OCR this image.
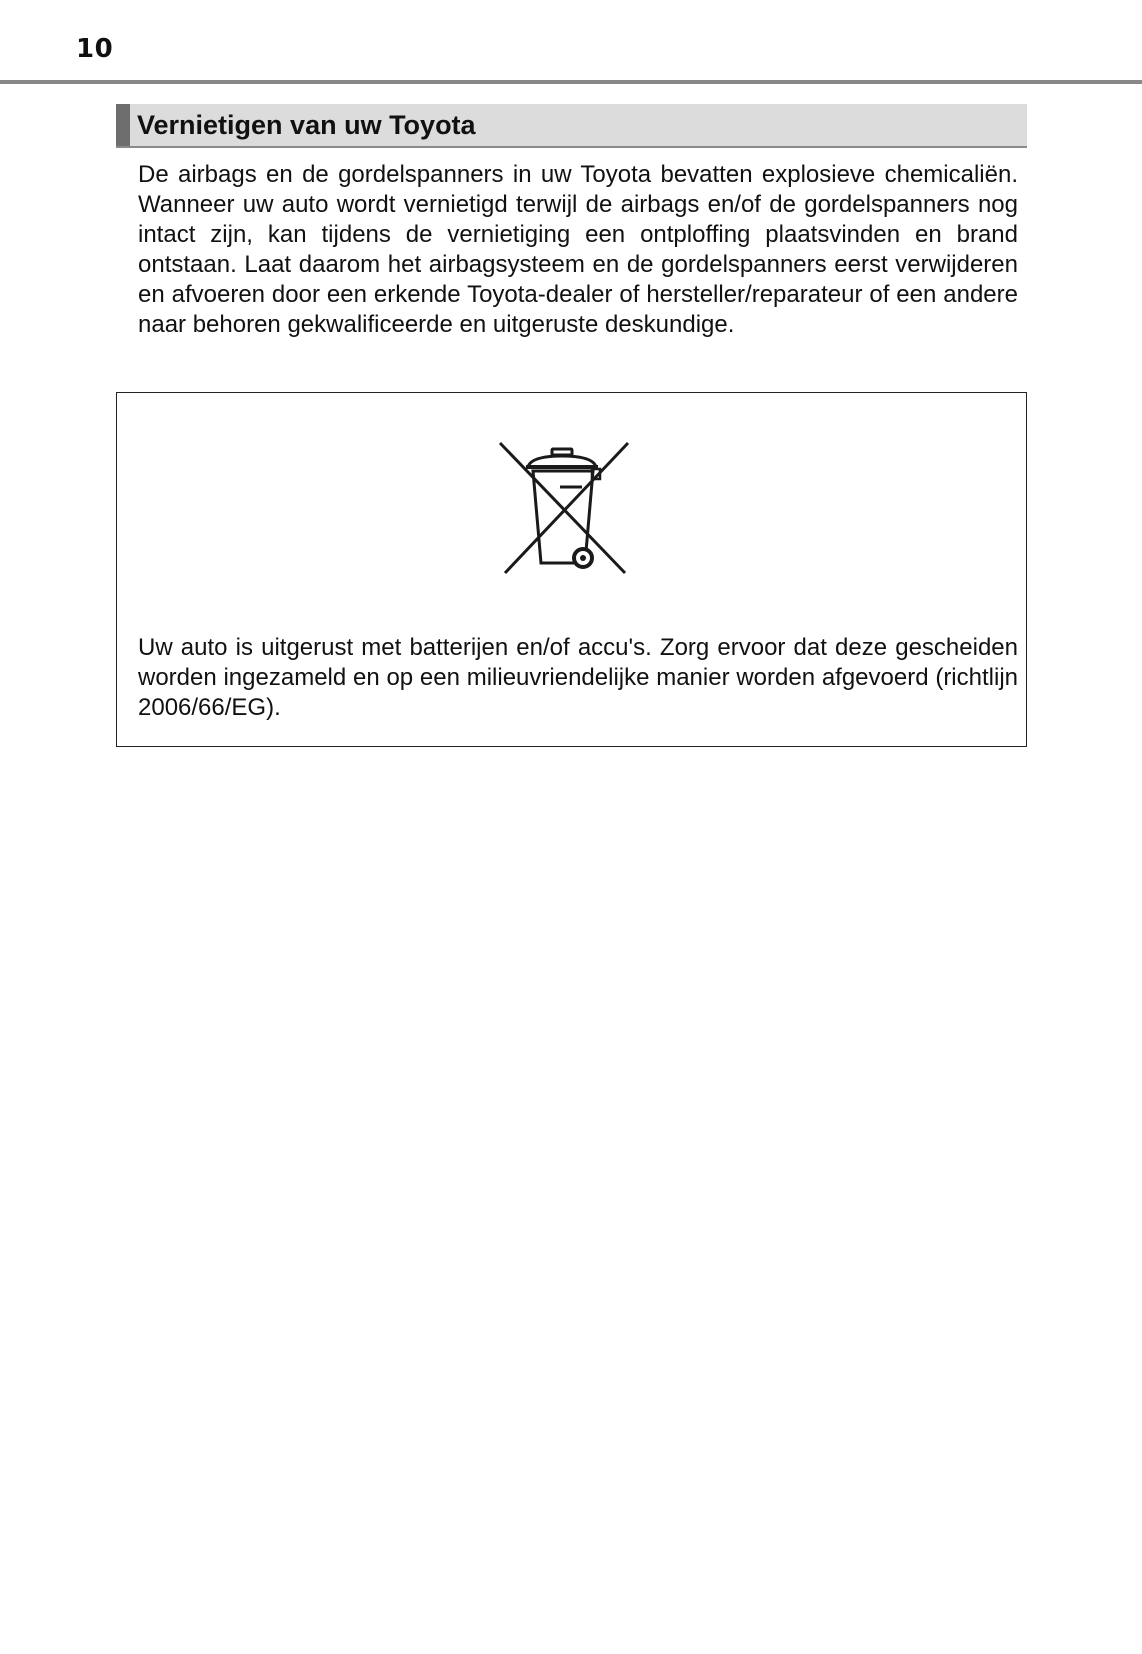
10
Vernietigen van uw Toyota

De airbags en de gordelspanners in uw Toyota bevatten explosieve chemicaliën. Wanneer uw auto wordt vernietigd terwijl de airbags en/of de gordelspanners nog intact zijn, kan tijdens de vernietiging een ontploffing plaatsvinden en brand ontstaan. Laat daarom het airbagsysteem en de gordelspanners eerst verwijderen en afvoeren door een erkende Toyota-dealer of hersteller/reparateur of een andere naar behoren gekwalificeerde en uitgeruste deskundige.

Uw auto is uitgerust met batterijen en/of accu's. Zorg ervoor dat deze gescheiden worden ingezameld en op een milieuvriendelijke manier worden afgevoerd (richtlijn 2006/66/EG).
